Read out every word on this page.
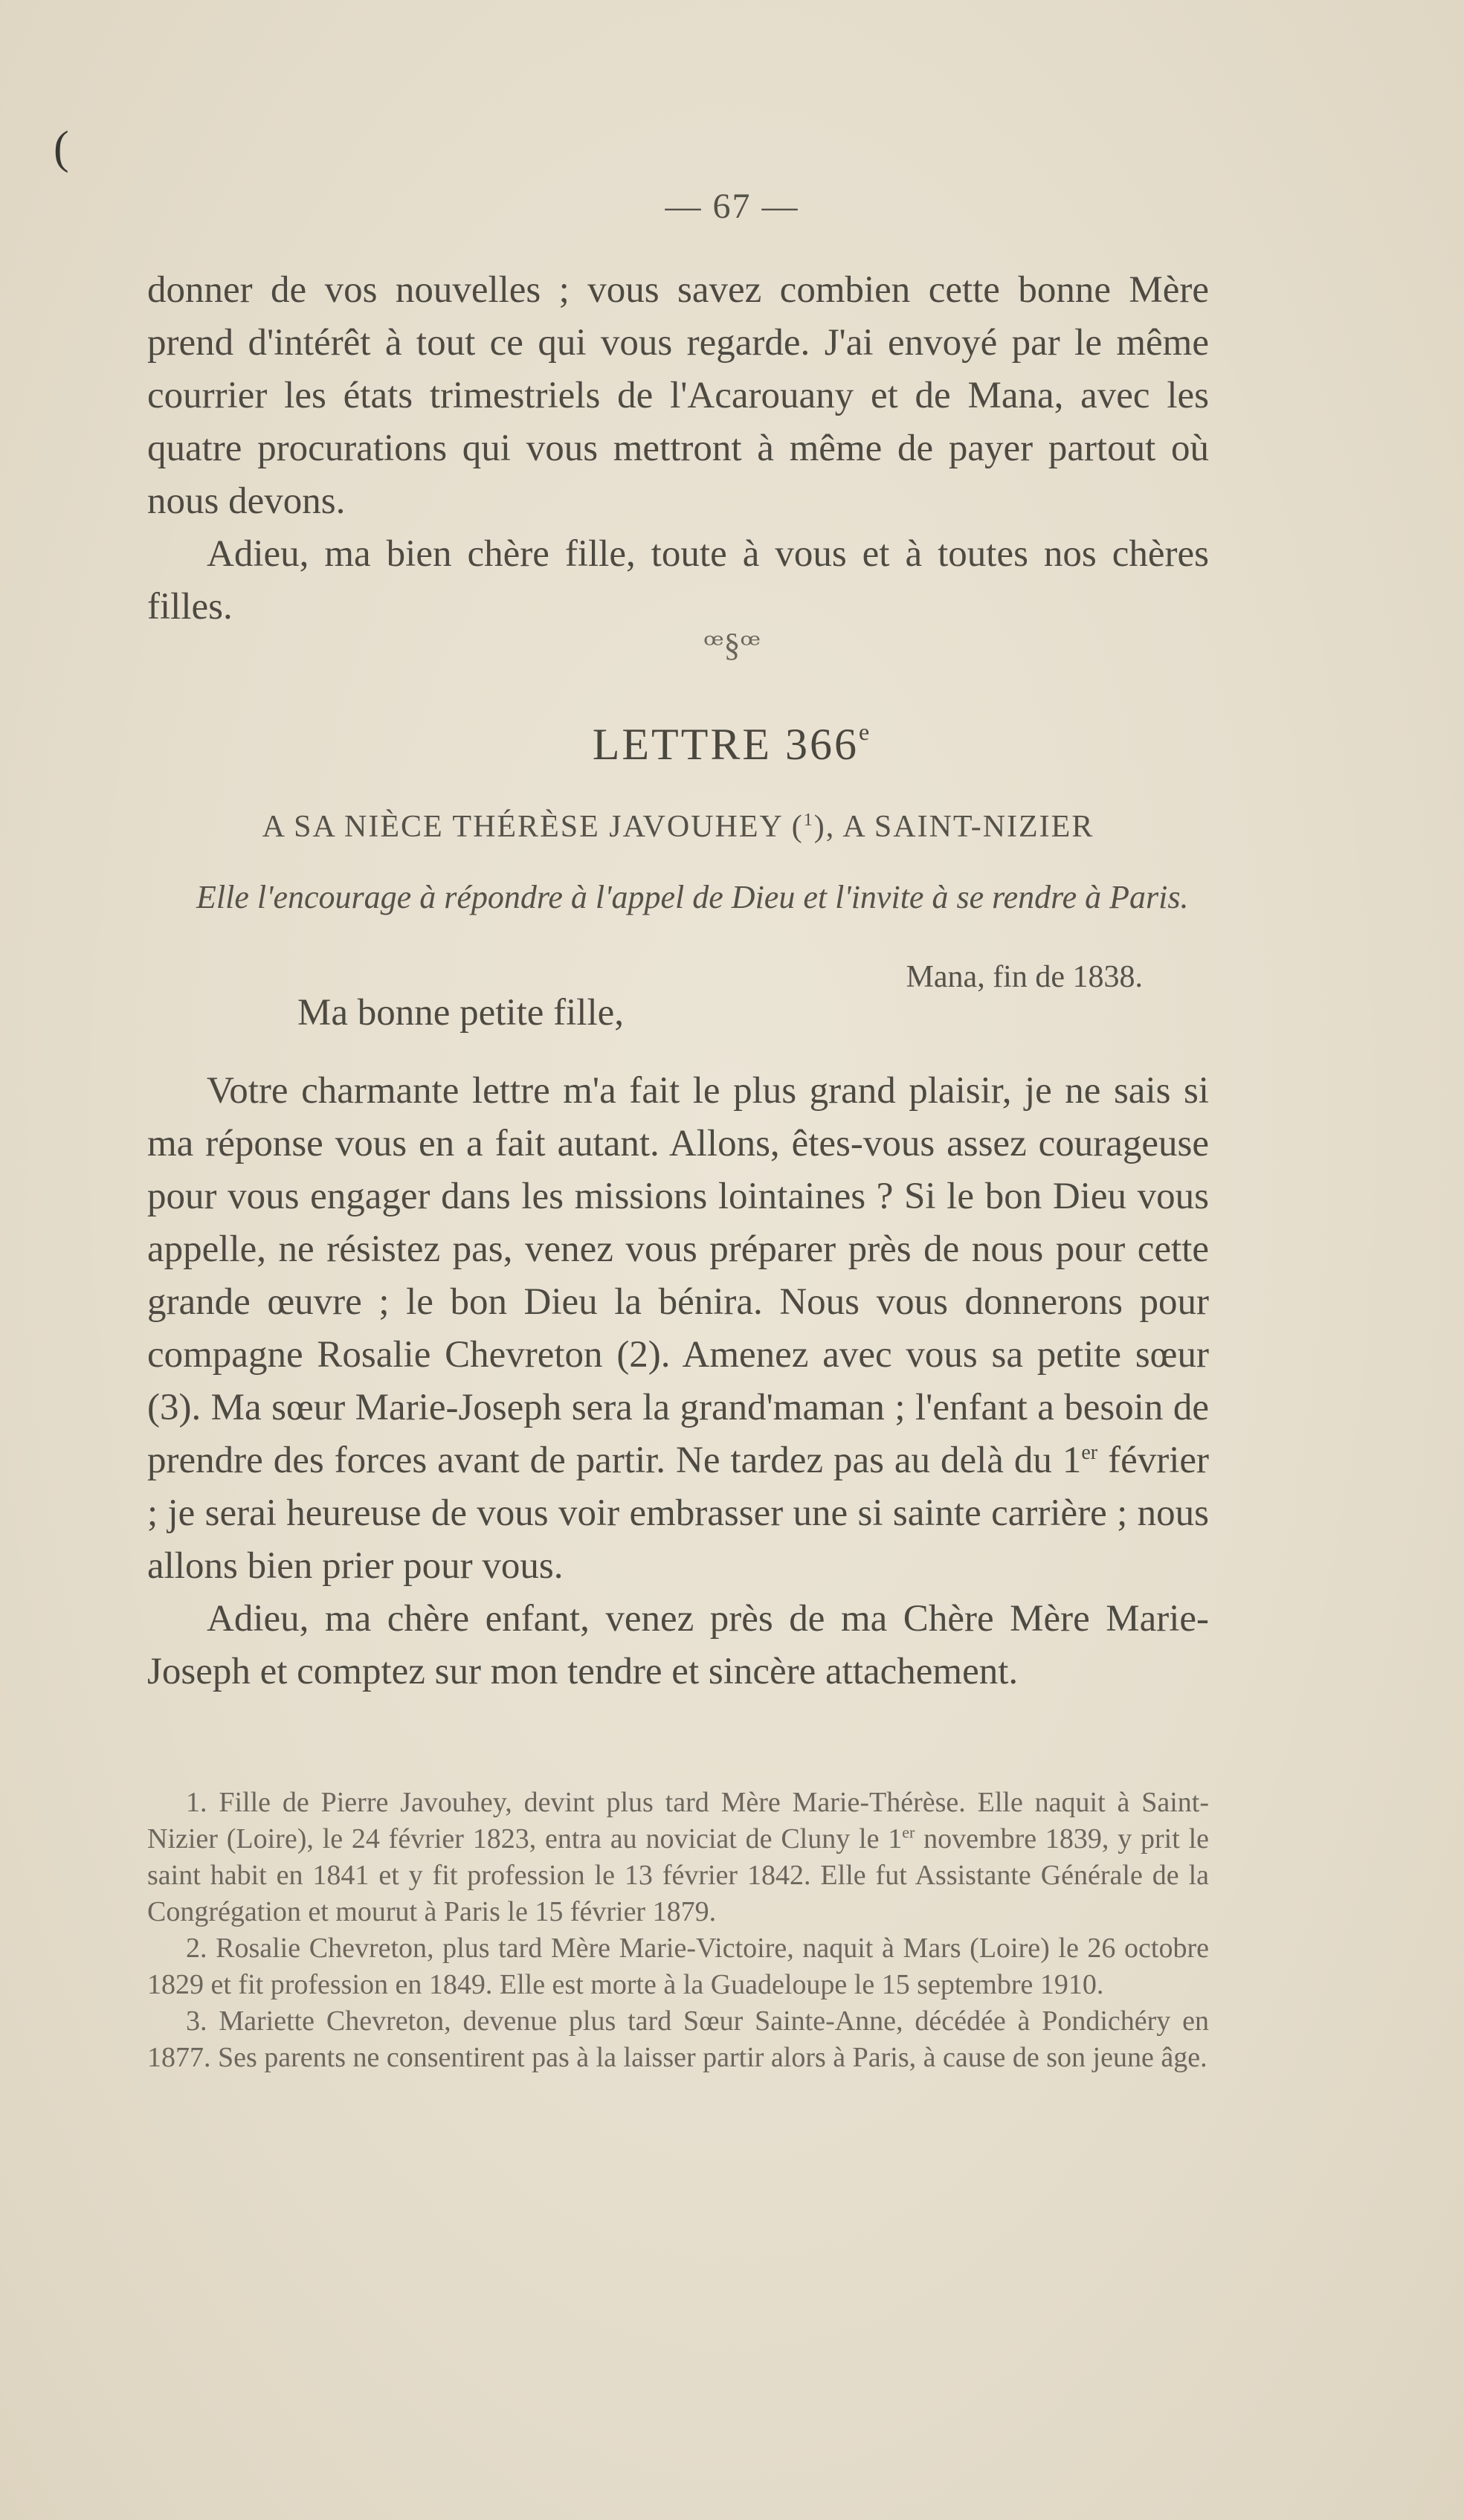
(
— 67 —

donner de vos nouvelles ; vous savez combien cette bonne Mère prend d'intérêt à tout ce qui vous regarde. J'ai envoyé par le même courrier les états trimestriels de l'Acarouany et de Mana, avec les quatre procurations qui vous mettront à même de payer partout où nous devons.

Adieu, ma bien chère fille, toute à vous et à toutes nos chères filles.

ꟹ§ꟹ
LETTRE 366e
A SA NIÈCE THÉRÈSE JAVOUHEY ($^1$), A SAINT-NIZIER

Elle l'encourage à répondre à l'appel de Dieu et l'invite à se rendre à Paris.

Mana, fin de 1838.
Ma bonne petite fille,

Votre charmante lettre m'a fait le plus grand plaisir, je ne sais si ma réponse vous en a fait autant. Allons, êtes-vous assez courageuse pour vous engager dans les missions lointaines ? Si le bon Dieu vous appelle, ne résistez pas, venez vous préparer près de nous pour cette grande œuvre ; le bon Dieu la bénira. Nous vous donnerons pour compagne Rosalie Chevreton (2). Amenez avec vous sa petite sœur (3). Ma sœur Marie-Joseph sera la grand'maman ; l'enfant a besoin de prendre des forces avant de partir. Ne tardez pas au delà du 1er février ; je serai heureuse de vous voir embrasser une si sainte carrière ; nous allons bien prier pour vous.

Adieu, ma chère enfant, venez près de ma Chère Mère Marie-Joseph et comptez sur mon tendre et sincère attachement.

1. Fille de Pierre Javouhey, devint plus tard Mère Marie-Thérèse. Elle naquit à Saint-Nizier (Loire), le 24 février 1823, entra au noviciat de Cluny le 1er novembre 1839, y prit le saint habit en 1841 et y fit profession le 13 février 1842. Elle fut Assistante Générale de la Congrégation et mourut à Paris le 15 février 1879.

2. Rosalie Chevreton, plus tard Mère Marie-Victoire, naquit à Mars (Loire) le 26 octobre 1829 et fit profession en 1849. Elle est morte à la Guadeloupe le 15 septembre 1910.

3. Mariette Chevreton, devenue plus tard Sœur Sainte-Anne, décédée à Pondichéry en 1877. Ses parents ne consentirent pas à la laisser partir alors à Paris, à cause de son jeune âge.
